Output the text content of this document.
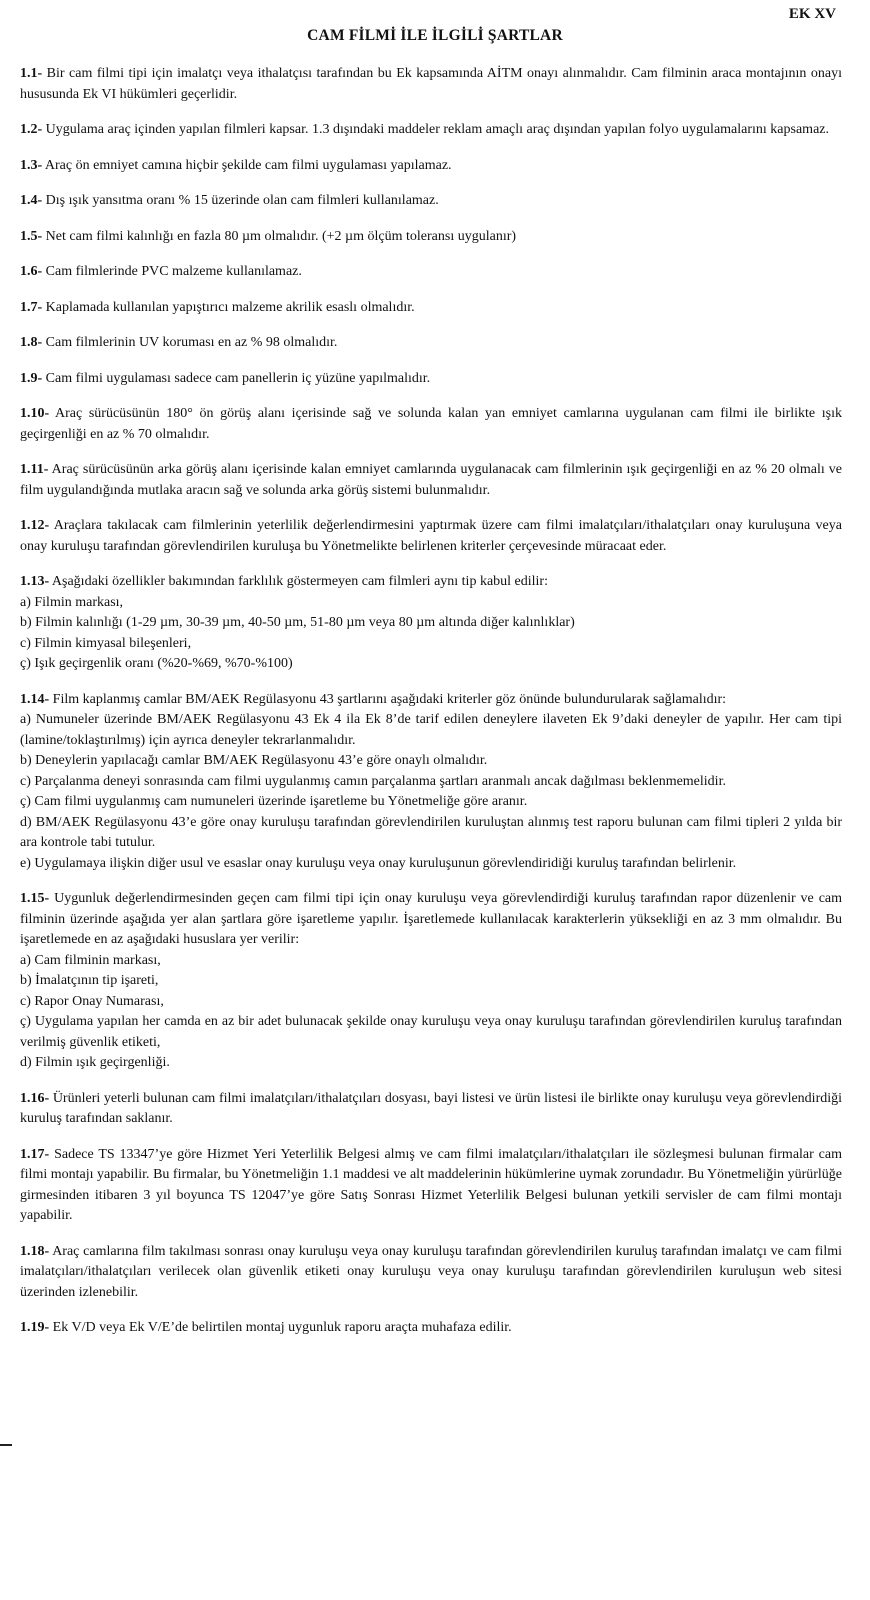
EK XV
CAM FİLMİ İLE İLGİLİ ŞARTLAR
1.1- Bir cam filmi tipi için imalatçı veya ithalatçısı tarafından bu Ek kapsamında AİTM onayı alınmalıdır. Cam filminin araca montajının onayı hususunda Ek VI hükümleri geçerlidir.
1.2- Uygulama araç içinden yapılan filmleri kapsar. 1.3 dışındaki maddeler reklam amaçlı araç dışından yapılan folyo uygulamalarını kapsamaz.
1.3- Araç ön emniyet camına hiçbir şekilde cam filmi uygulaması yapılamaz.
1.4- Dış ışık yansıtma oranı % 15 üzerinde olan cam filmleri kullanılamaz.
1.5- Net cam filmi kalınlığı en fazla 80 µm olmalıdır. (+2 µm ölçüm toleransı uygulanır)
1.6- Cam filmlerinde PVC malzeme kullanılamaz.
1.7- Kaplamada kullanılan yapıştırıcı malzeme akrilik esaslı olmalıdır.
1.8- Cam filmlerinin UV koruması en az % 98 olmalıdır.
1.9- Cam filmi uygulaması sadece cam panellerin iç yüzüne yapılmalıdır.
1.10- Araç sürücüsünün 180° ön görüş alanı içerisinde sağ ve solunda kalan yan emniyet camlarına uygulanan cam filmi ile birlikte ışık geçirgenliği en az % 70 olmalıdır.
1.11- Araç sürücüsünün arka görüş alanı içerisinde kalan emniyet camlarında uygulanacak cam filmlerinin ışık geçirgenliği en az % 20 olmalı ve film uygulandığında mutlaka aracın sağ ve solunda arka görüş sistemi bulunmalıdır.
1.12- Araçlara takılacak cam filmlerinin yeterlilik değerlendirmesini yaptırmak üzere cam filmi imalatçıları/ithalatçıları onay kuruluşuna veya onay kuruluşu tarafından görevlendirilen kuruluşa bu Yönetmelikte belirlenen kriterler çerçevesinde müracaat eder.
1.13- Aşağıdaki özellikler bakımından farklılık göstermeyen cam filmleri aynı tip kabul edilir:
a) Filmin markası,
b) Filmin kalınlığı (1-29 µm, 30-39 µm, 40-50 µm, 51-80 µm veya 80 µm altında diğer kalınlıklar)
c) Filmin kimyasal bileşenleri,
ç) Işık geçirgenlik oranı (%20-%69, %70-%100)
1.14- Film kaplanmış camlar BM/AEK Regülasyonu 43 şartlarını aşağıdaki kriterler göz önünde bulundurularak sağlamalıdır:
a) Numuneler üzerinde BM/AEK Regülasyonu 43 Ek 4 ila Ek 8’de tarif edilen deneylere ilaveten Ek 9’daki deneyler de yapılır. Her cam tipi (lamine/toklaştırılmış) için ayrıca deneyler tekrarlanmalıdır.
b) Deneylerin yapılacağı camlar BM/AEK Regülasyonu 43’e göre onaylı olmalıdır.
c) Parçalanma deneyi sonrasında cam filmi uygulanmış camın parçalanma şartları aranmalı ancak dağılması beklenmemelidir.
ç) Cam filmi uygulanmış cam numuneleri üzerinde işaretleme bu Yönetmeliğe göre aranır.
d) BM/AEK Regülasyonu 43’e göre onay kuruluşu tarafından görevlendirilen kuruluştan alınmış test raporu bulunan cam filmi tipleri 2 yılda bir ara kontrole tabi tutulur.
e) Uygulamaya ilişkin diğer usul ve esaslar onay kuruluşu veya onay kuruluşunun görevlendiridiği kuruluş tarafından belirlenir.
1.15- Uygunluk değerlendirmesinden geçen cam filmi tipi için onay kuruluşu veya görevlendirdiği kuruluş tarafından rapor düzenlenir ve cam filminin üzerinde aşağıda yer alan şartlara göre işaretleme yapılır. İşaretlemede kullanılacak karakterlerin yüksekliği en az 3 mm olmalıdır. Bu işaretlemede en az aşağıdaki hususlara yer verilir:
a) Cam filminin markası,
b) İmalatçının tip işareti,
c) Rapor Onay Numarası,
ç) Uygulama yapılan her camda en az bir adet bulunacak şekilde onay kuruluşu veya onay kuruluşu tarafından görevlendirilen kuruluş tarafından verilmiş güvenlik etiketi,
d) Filmin ışık geçirgenliği.
1.16- Ürünleri yeterli bulunan cam filmi imalatçıları/ithalatçıları dosyası, bayi listesi ve ürün listesi ile birlikte onay kuruluşu veya görevlendirdiği kuruluş tarafından saklanır.
1.17- Sadece TS 13347’ye göre Hizmet Yeri Yeterlilik Belgesi almış ve cam filmi imalatçıları/ithalatçıları ile sözleşmesi bulunan firmalar cam filmi montajı yapabilir. Bu firmalar, bu Yönetmeliğin 1.1 maddesi ve alt maddelerinin hükümlerine uymak zorundadır. Bu Yönetmeliğin yürürlüğe girmesinden itibaren 3 yıl boyunca TS 12047’ye göre Satış Sonrası Hizmet Yeterlilik Belgesi bulunan yetkili servisler de cam filmi montajı yapabilir.
1.18- Araç camlarına film takılması sonrası onay kuruluşu veya onay kuruluşu tarafından görevlendirilen kuruluş tarafından imalatçı ve cam filmi imalatçıları/ithalatçıları verilecek olan güvenlik etiketi onay kuruluşu veya onay kuruluşu tarafından görevlendirilen kuruluşun web sitesi üzerinden izlenebilir.
1.19- Ek V/D veya Ek V/E’de belirtilen montaj uygunluk raporu araçta muhafaza edilir.
